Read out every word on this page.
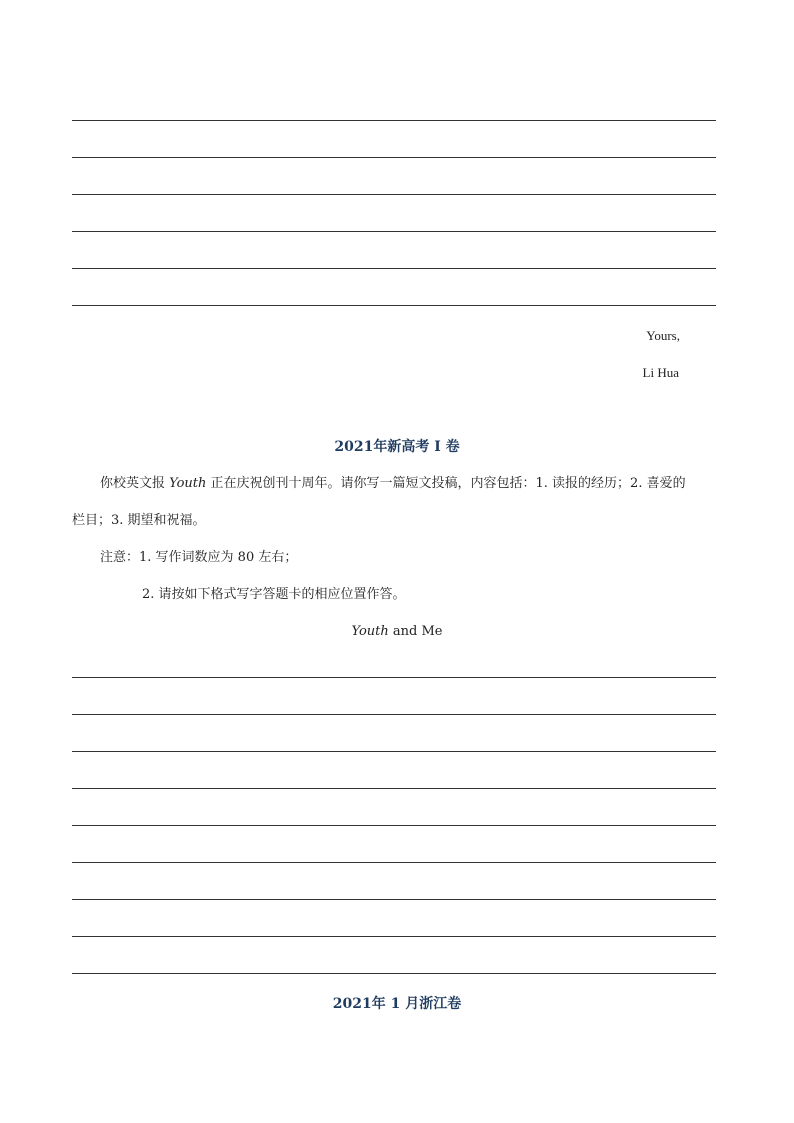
Yours,
Li Hua
2021年新高考 I 卷
你校英文报 Youth 正在庆祝创刊十周年。请你写一篇短文投稿，内容包括：1. 读报的经历；2. 喜爱的
栏目；3. 期望和祝福。
注意：1. 写作词数应为 80 左右；
2. 请按如下格式写字答题卡的相应位置作答。
Youth and Me
2021年 1 月浙江卷
